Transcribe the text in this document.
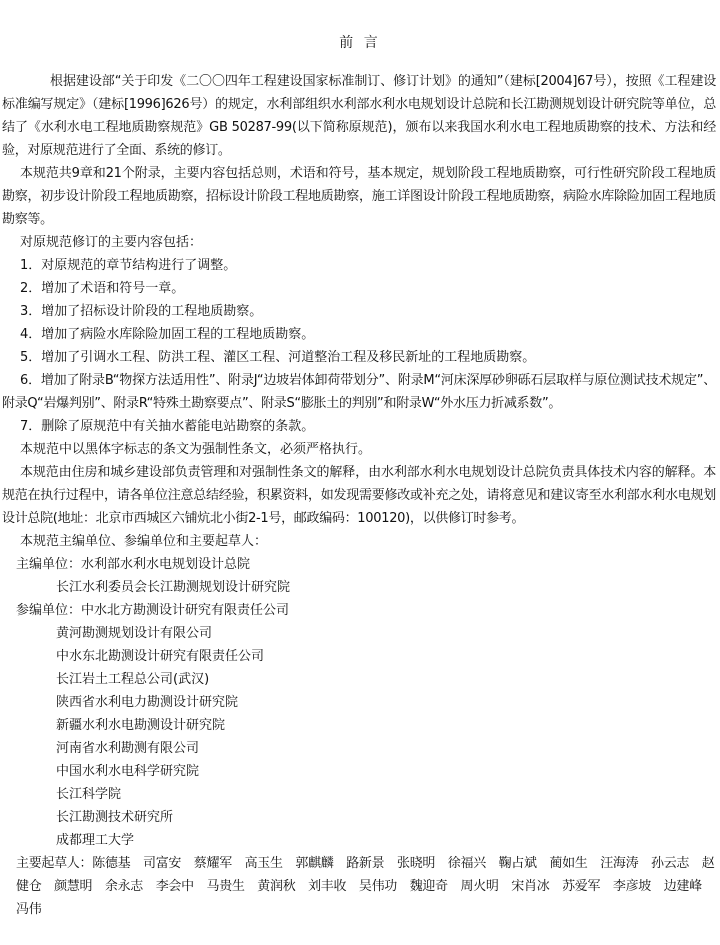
前 言

根据建设部“关于印发《二〇〇四年工程建设国家标准制订、修订计划》的通知”（建标[2004]67号），按照《工程建设标准编写规定》（建标[1996]626号）的规定，水利部组织水利部水利水电规划设计总院和长江勘测规划设计研究院等单位，总结了《水利水电工程地质勘察规范》GB 50287-99(以下简称原规范)，颁布以来我国水利水电工程地质勘察的技术、方法和经验，对原规范进行了全面、系统的修订。

本规范共9章和21个附录，主要内容包括总则，术语和符号，基本规定，规划阶段工程地质勘察，可行性研究阶段工程地质勘察，初步设计阶段工程地质勘察，招标设计阶段工程地质勘察，施工详图设计阶段工程地质勘察，病险水库除险加固工程地质勘察等。

对原规范修订的主要内容包括：

1．对原规范的章节结构进行了调整。

2．增加了术语和符号一章。

3．增加了招标设计阶段的工程地质勘察。

4．增加了病险水库除险加固工程的工程地质勘察。

5．增加了引调水工程、防洪工程、灌区工程、河道整治工程及移民新址的工程地质勘察。

6．增加了附录B“物探方法适用性”、附录J“边坡岩体卸荷带划分”、附录M“河床深厚砂卵砾石层取样与原位测试技术规定”、附录Q“岩爆判别”、附录R“特殊土勘察要点”、附录S“膨胀土的判别”和附录W“外水压力折减系数”。

7．删除了原规范中有关抽水蓄能电站勘察的条款。

本规范中以黑体字标志的条文为强制性条文，必须严格执行。

本规范由住房和城乡建设部负责管理和对强制性条文的解释，由水利部水利水电规划设计总院负责具体技术内容的解释。本规范在执行过程中，请各单位注意总结经验，积累资料，如发现需要修改或补充之处，请将意见和建议寄至水利部水利水电规划设计总院(地址：北京市西城区六铺炕北小街2-1号，邮政编码：100120)，以供修订时参考。

本规范主编单位、参编单位和主要起草人：

主编单位：水利部水利水电规划设计总院

长江水利委员会长江勘测规划设计研究院

参编单位：中水北方勘测设计研究有限责任公司

黄河勘测规划设计有限公司

中水东北勘测设计研究有限责任公司

长江岩土工程总公司(武汉)

陕西省水利电力勘测设计研究院

新疆水利水电勘测设计研究院

河南省水利勘测有限公司

中国水利水电科学研究院

长江科学院

长江勘测技术研究所

成都理工大学

主要起草人：陈德基　司富安　蔡耀军　高玉生　郭麒麟　路新景　张晓明　徐福兴　鞠占斌　蔺如生　汪海涛　孙云志　赵健仓　颜慧明　余永志　李会中　马贵生　黄润秋　刘丰收　吴伟功　魏迎奇　周火明　宋肖冰　苏爱军　李彦坡　边建峰　冯伟
